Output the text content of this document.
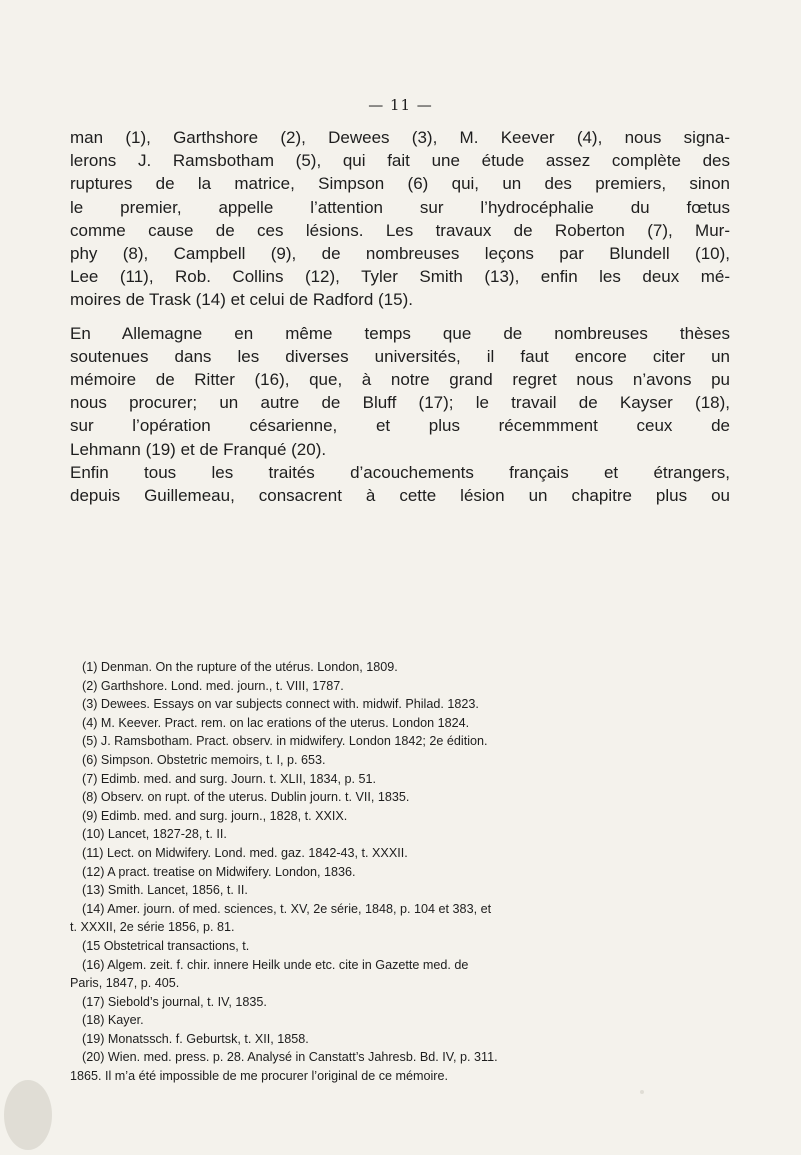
— 11 —

man (1), Garthshore (2), Dewees (3), M. Keever (4), nous signa-
lerons J. Ramsbotham (5), qui fait une étude assez complète des
ruptures de la matrice, Simpson (6) qui, un des premiers, sinon
le premier, appelle l’attention sur l’hydrocéphalie du fœtus
comme cause de ces lésions. Les travaux de Roberton (7), Mur-
phy (8), Campbell (9), de nombreuses leçons par Blundell (10),
Lee (11), Rob. Collins (12), Tyler Smith (13), enfin les deux mé-
moires de Trask (14) et celui de Radford (15).

En Allemagne en même temps que de nombreuses thèses
soutenues dans les diverses universités, il faut encore citer un
mémoire de Ritter (16), que, à notre grand regret nous n’avons pu
nous procurer; un autre de Bluff (17); le travail de Kayser (18),
sur l’opération césarienne, et plus récemmment ceux de
Lehmann (19) et de Franqué (20).

Enfin tous les traités d’acouchements français et étrangers,
depuis Guillemeau, consacrent à cette lésion un chapitre plus ou

(1) Denman. On the rupture of the utérus. London, 1809.
(2) Garthshore. Lond. med. journ., t. VIII, 1787.
(3) Dewees. Essays on var subjects connect with. midwif. Philad. 1823.
(4) M. Keever. Pract. rem. on lac erations of the uterus. London 1824.
(5) J. Ramsbotham. Pract. observ. in midwifery. London 1842; 2e édition.
(6) Simpson. Obstetric memoirs, t. I, p. 653.
(7) Edimb. med. and surg. Journ. t. XLII, 1834, p. 51.
(8) Observ. on rupt. of the uterus. Dublin journ. t. VII, 1835.
(9) Edimb. med. and surg. journ., 1828, t. XXIX.
(10) Lancet, 1827-28, t. II.
(11) Lect. on Midwifery. Lond. med. gaz. 1842-43, t. XXXII.
(12) A pract. treatise on Midwifery. London, 1836.
(13) Smith. Lancet, 1856, t. II.
(14) Amer. journ. of med. sciences, t. XV, 2e série, 1848, p. 104 et 383, et
t. XXXII, 2e série 1856, p. 81.
(15 Obstetrical transactions, t.
(16) Algem. zeit. f. chir. innere Heilk unde etc. cite in Gazette med. de
Paris, 1847, p. 405.
(17) Siebold’s journal, t. IV, 1835.
(18) Kayer.
(19) Monatssch. f. Geburtsk, t. XII, 1858.
(20) Wien. med. press. p. 28. Analysé in Canstatt’s Jahresb. Bd. IV, p. 311.
1865. Il m’a été impossible de me procurer l’original de ce mémoire.
